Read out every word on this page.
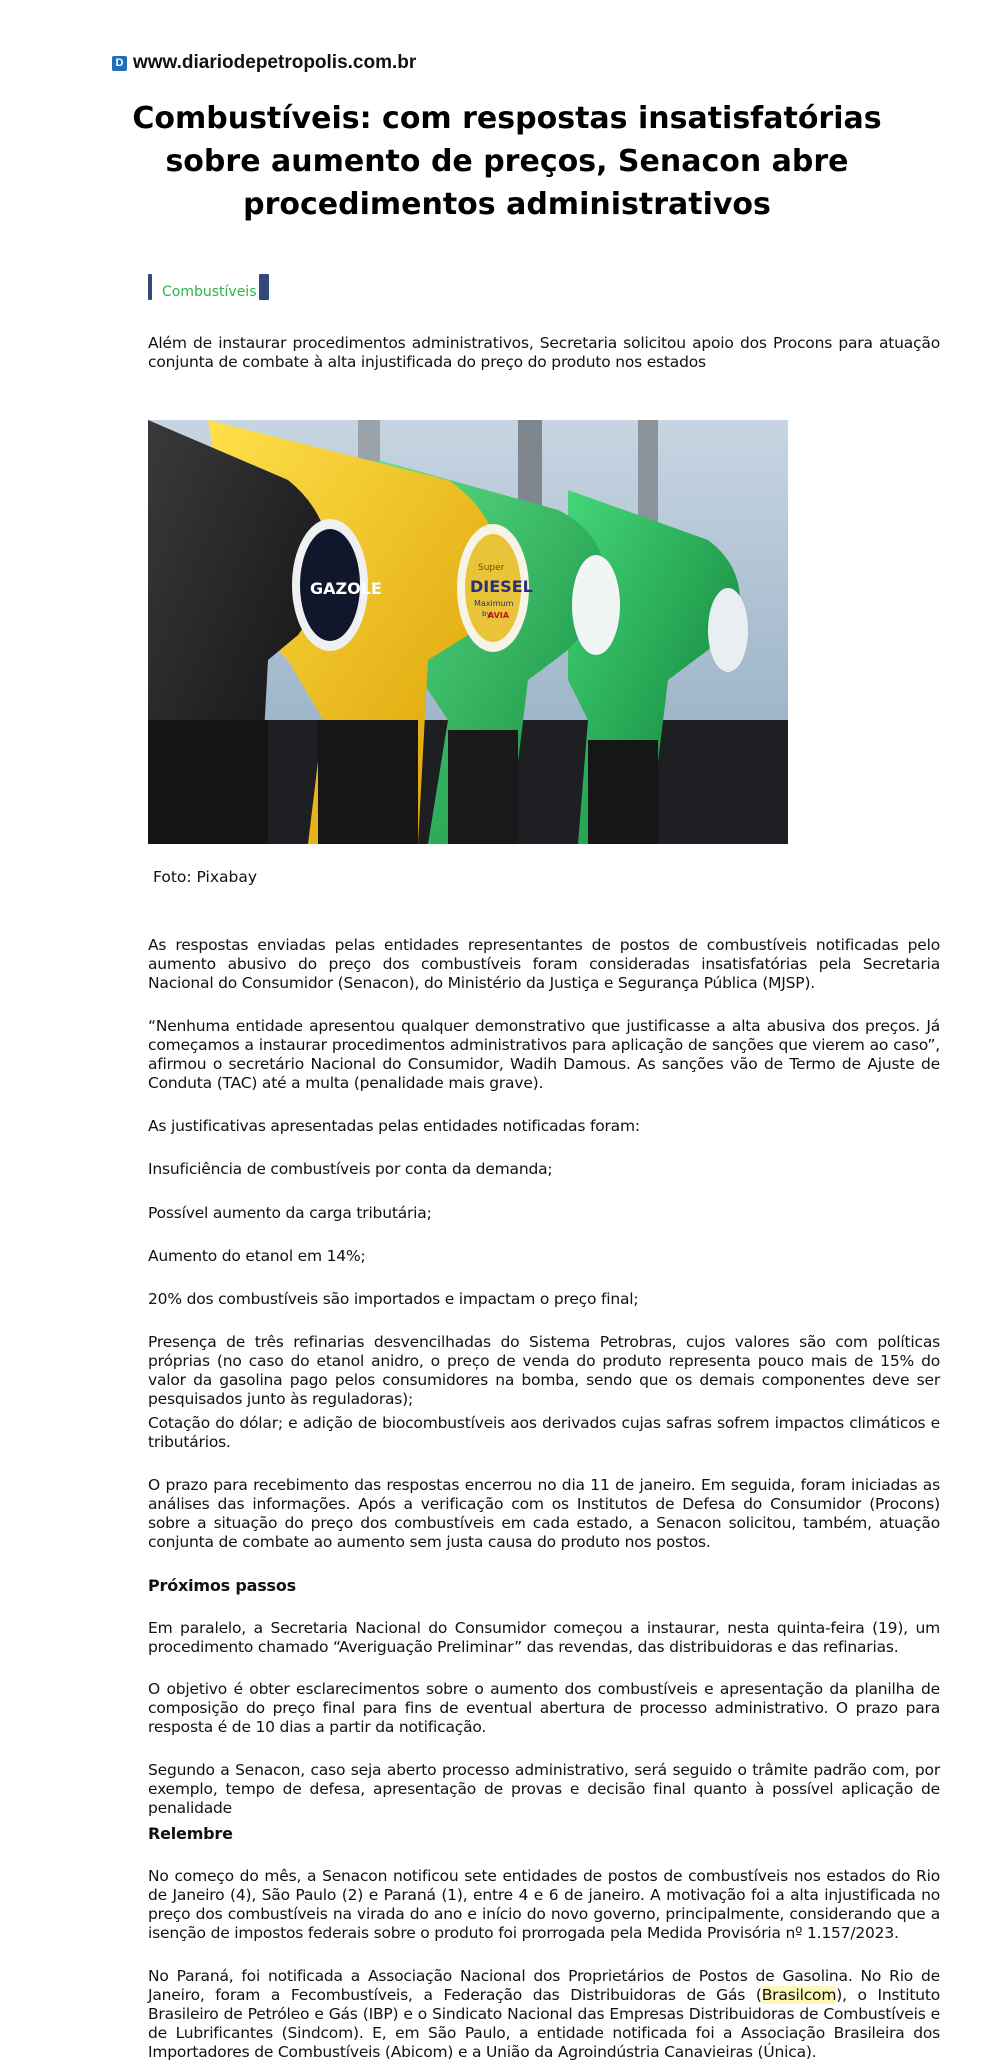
D www.diariodepetropolis.com.br
Combustíveis: com respostas insatisfatórias sobre aumento de preços, Senacon abre procedimentos administrativos
Combustíveis

Além de instaurar procedimentos administrativos, Secretaria solicitou apoio dos Procons para atuação conjunta de combate à alta injustificada do preço do produto nos estados

GAZOLE
Super
DIESEL
Maximum
by
AVIA
Foto: Pixabay

As respostas enviadas pelas entidades representantes de postos de combustíveis notificadas pelo aumento abusivo do preço dos combustíveis foram consideradas insatisfatórias pela Secretaria Nacional do Consumidor (Senacon), do Ministério da Justiça e Segurança Pública (MJSP).

“Nenhuma entidade apresentou qualquer demonstrativo que justificasse a alta abusiva dos preços. Já começamos a instaurar procedimentos administrativos para aplicação de sanções que vierem ao caso”, afirmou o secretário Nacional do Consumidor, Wadih Damous. As sanções vão de Termo de Ajuste de Conduta (TAC) até a multa (penalidade mais grave).

As justificativas apresentadas pelas entidades notificadas foram:

Insuficiência de combustíveis por conta da demanda;

Possível aumento da carga tributária;

Aumento do etanol em 14%;

20% dos combustíveis são importados e impactam o preço final;

Presença de três refinarias desvencilhadas do Sistema Petrobras, cujos valores são com políticas próprias (no caso do etanol anidro, o prec̦o de venda do produto representa pouco mais de 15% do valor da gasolina pago pelos consumidores na bomba, sendo que os demais componentes deve ser pesquisados junto às reguladoras);

Cotação do dólar; e adição de biocombustíveis aos derivados cujas safras sofrem impactos climáticos e tributários.

O prazo para recebimento das respostas encerrou no dia 11 de janeiro. Em seguida, foram iniciadas as análises das informações. Após a verificação com os Institutos de Defesa do Consumidor (Procons) sobre a situação do preço dos combustíveis em cada estado, a Senacon solicitou, também, atuação conjunta de combate ao aumento sem justa causa do produto nos postos.

Próximos passos

Em paralelo, a Secretaria Nacional do Consumidor começou a instaurar, nesta quinta-feira (19), um procedimento chamado “Averiguação Preliminar” das revendas, das distribuidoras e das refinarias.

O objetivo é obter esclarecimentos sobre o aumento dos combustíveis e apresentação da planilha de composição do preço final para fins de eventual abertura de processo administrativo. O prazo para resposta é de 10 dias a partir da notificação.

Segundo a Senacon, caso seja aberto processo administrativo, será seguido o trâmite padrão com, por exemplo, tempo de defesa, apresentação de provas e decisão final quanto à possível aplicação de penalidade

Relembre

No começo do mês, a Senacon notificou sete entidades de postos de combustíveis nos estados do Rio de Janeiro (4), São Paulo (2) e Paraná (1), entre 4 e 6 de janeiro. A motivação foi a alta injustificada no preço dos combustíveis na virada do ano e início do novo governo, principalmente, considerando que a isenção de impostos federais sobre o produto foi prorrogada pela Medida Provisória nº 1.157/2023.

No Paraná, foi notificada a Associação Nacional dos Proprietários de Postos de Gasolina. No Rio de Janeiro, foram a Fecombustíveis, a Federação das Distribuidoras de Gás (Brasilcom), o Instituto Brasileiro de Petróleo e Gás (IBP) e o Sindicato Nacional das Empresas Distribuidoras de Combustíveis e de Lubrificantes (Sindcom). E, em São Paulo, a entidade notificada foi a Associação Brasileira dos Importadores de Combustíveis (Abicom) e a União da Agroindústria Canavieiras (Única).
